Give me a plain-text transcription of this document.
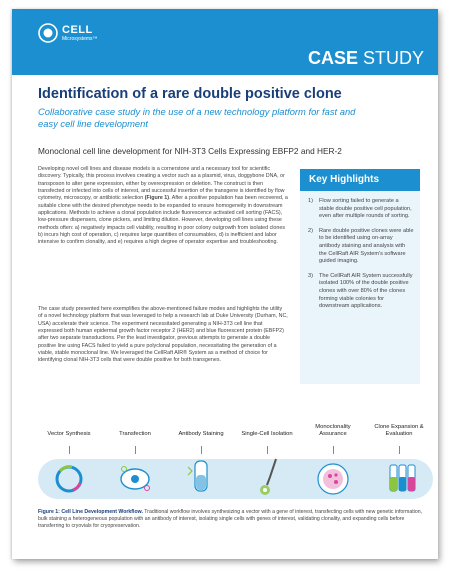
CELL
Microsystems™
CASE STUDY
Identification of a rare double positive clone
Collaborative case study in the use of a new technology platform for fast and easy cell line development
Monoclonal cell line development for NIH-3T3 Cells Expressing EBFP2 and HER-2

Developing novel cell lines and disease models is a cornerstone and a necessary tool for scientific discovery. Typically, this process involves creating a vector such as a plasmid, virus, doggybone DNA, or transposon to alter gene expression, either by overexpression or deletion. The construct is then transfected or infected into cells of interest, and successful insertion of the transgene is identified by flow cytometry, microscopy, or antibiotic selection (Figure 1). After a positive population has been recovered, a suitable clone with the desired phenotype needs to be expanded to ensure homogeneity in downstream applications. Methods to achieve a clonal population include fluorescence activated cell sorting (FACS), low-pressure dispensers, clone pickers, and limiting dilution. However, developing cell lines using these methods often: a) negatively impacts cell viability, resulting in poor colony outgrowth from isolated clones b) incurs high cost of operation, c) requires large quantities of consumables, d) is inefficient and labor intensive to confirm clonality, and e) requires a high degree of operator expertise and troubleshooting.

The case study presented here exemplifies the above-mentioned failure modes and highlights the utility of a novel technology platform that was leveraged to help a research lab at Duke University (Durham, NC, USA) accelerate their science. The experiment necessitated generating a NIH-3T3 cell line that expressed both human epidermal growth factor receptor 2 (HER2) and blue fluorescent protein (EBFP2) after two separate transductions. Per the lead investigator, previous attempts to generate a double positive line using FACS failed to yield a pure polyclonal population, necessitating the generation of a viable, stable monoclonal line. We leveraged the CellRaft AIR® System as a method of choice for identifying clonal NIH-3T3 cells that were double positive for both transgenes.

Key Highlights
1)	Flow sorting failed to generate a stable double positive cell population, even after multiple rounds of sorting.
2)	Rare double positive clones were able to be identified using on-array antibody staining and analysis with the CellRaft AIR System's software guided imaging.
3)	The CellRaft AIR System successfully isolated 100% of the double positive clones with over 80% of the clones forming viable colonies for downstream applications.
Vector Synthesis	Transfection	Antibody Staining	Single-Cell Isolation
Monoclonality Assurance
Clone Expansion & Evaluation

Figure 1: Cell Line Development Workflow. Traditional workflow involves synthesizing a vector with a gene of interest, transfecting cells with new genetic information, bulk staining a heterogeneous population with an antibody of interest, isolating single cells with genes of interest, validating clonality, and expanding cells before transferring to cryovials for cryopreservation.
